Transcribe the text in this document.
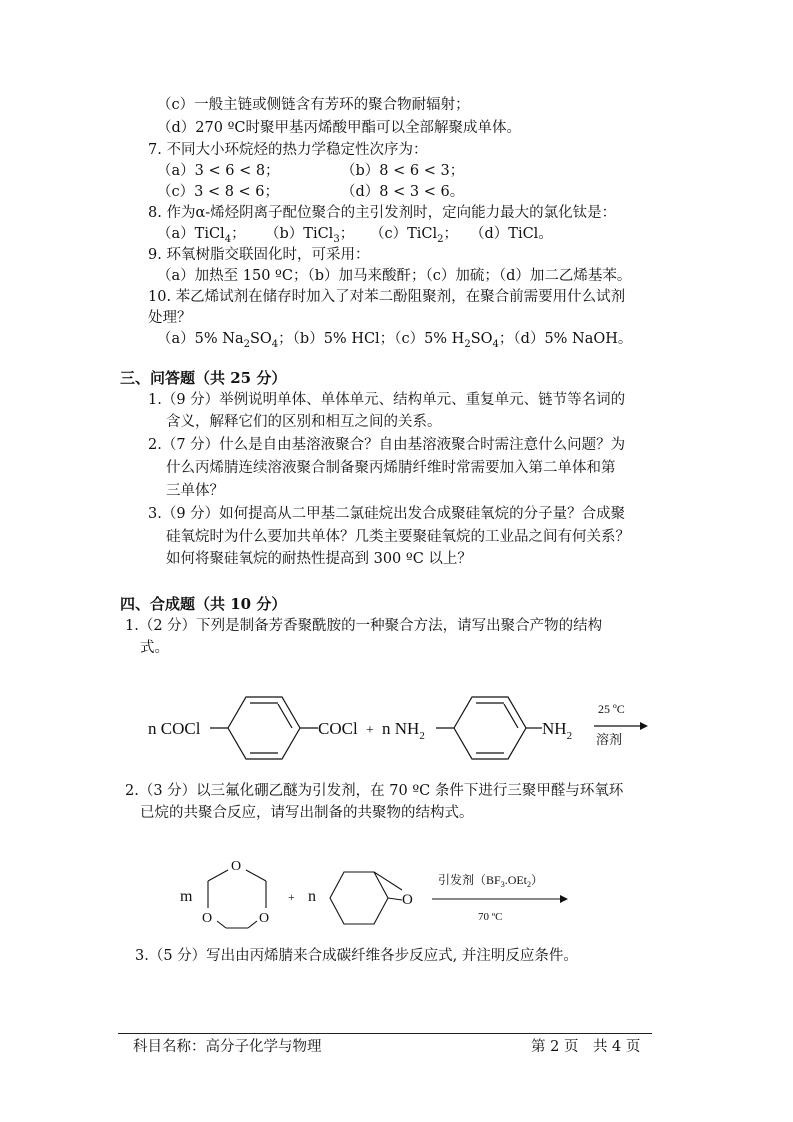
（c）一般主链或侧链含有芳环的聚合物耐辐射；
（d）270 ºC时聚甲基丙烯酸甲酯可以全部解聚成单体。
7. 不同大小环烷烃的热力学稳定性次序为：
（a）3 < 6 < 8；	（b）8 < 6 < 3；
（c）3 < 8 < 6；	（d）8 < 3 < 6。
8. 作为α-烯烃阴离子配位聚合的主引发剂时，定向能力最大的氯化钛是：
（a）TiCl$_4$； （b）TiCl$_3$； （c）TiCl$_2$； （d）TiCl。
9. 环氧树脂交联固化时，可采用：
（a）加热至 150 ºC；（b）加马来酸酐；（c）加硫；（d）加二乙烯基苯。
10. 苯乙烯试剂在储存时加入了对苯二酚阻聚剂，在聚合前需要用什么试剂
处理？
（a）5% $Na_2SO_4$；（b）5% HCl；（c）5% $H_2SO_4$；（d）5% NaOH。
三、问答题（共 25 分）
1.（9 分）举例说明单体、单体单元、结构单元、重复单元、链节等名词的
含义，解释它们的区别和相互之间的关系。
2.（7 分）什么是自由基溶液聚合？自由基溶液聚合时需注意什么问题？为
什么丙烯腈连续溶液聚合制备聚丙烯腈纤维时常需要加入第二单体和第
三单体？
3.（9 分）如何提高从二甲基二氯硅烷出发合成聚硅氧烷的分子量？合成聚
硅氧烷时为什么要加共单体？几类主要聚硅氧烷的工业品之间有何关系？
如何将聚硅氧烷的耐热性提高到 300 ºC 以上？
四、合成题（共 10 分）
1.（2 分）下列是制备芳香聚酰胺的一种聚合方法，请写出聚合产物的结构
式。
n COCl	COCl + n $NH_2$	$NH_2$
25 ºC
溶剂
2.（3 分）以三氟化硼乙醚为引发剂，在 70 ºC 条件下进行三聚甲醛与环氧环
已烷的共聚合反应，请写出制备的共聚物的结构式。
m
O
O	O
+ n	O
引发剂$(BF_3.OEt_2)$
70 ºC
3.（5 分）写出由丙烯腈来合成碳纤维各步反应式, 并注明反应条件。
科目名称：高分子化学与物理	第 2 页　共 4 页
